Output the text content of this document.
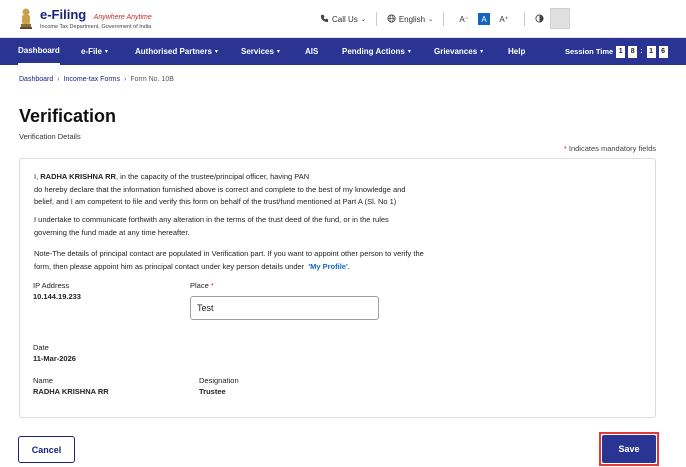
e-Filing Anywhere Anytime
Income Tax Department, Government of India
Call Us ⌄	English ⌄	A⁻	A	A⁺
Dashboard	e-File ▾	Authorised Partners ▾	Services ▾	AIS	Pending Actions ▾	Grievances ▾	Help	Session Time 1	8 : 1	6
Dashboard › Income-tax Forms › Form No. 10B
Verification
Verification Details
* Indicates mandatory fields
I, RADHA KRISHNA RR, in the capacity of the trustee/principal officer, having PAN
do hereby declare that the information furnished above is correct and complete to the best of my knowledge and
belief, and I am competent to file and verify this form on behalf of the trust/fund mentioned at Part A (Sl. No 1)
I undertake to communicate forthwith any alteration in the terms of the trust deed of the fund, or in the rules
governing the fund made at any time hereafter.
Note-The details of principal contact are populated in Verification part. If you want to appoint other person to verify the
form, then please appoint him as principal contact under key person details under 'My Profile'.
IP Address
10.144.19.233
Place *
Test
Date
11-Mar-2026
Name
RADHA KRISHNA RR
Designation
Trustee
Cancel	Save
